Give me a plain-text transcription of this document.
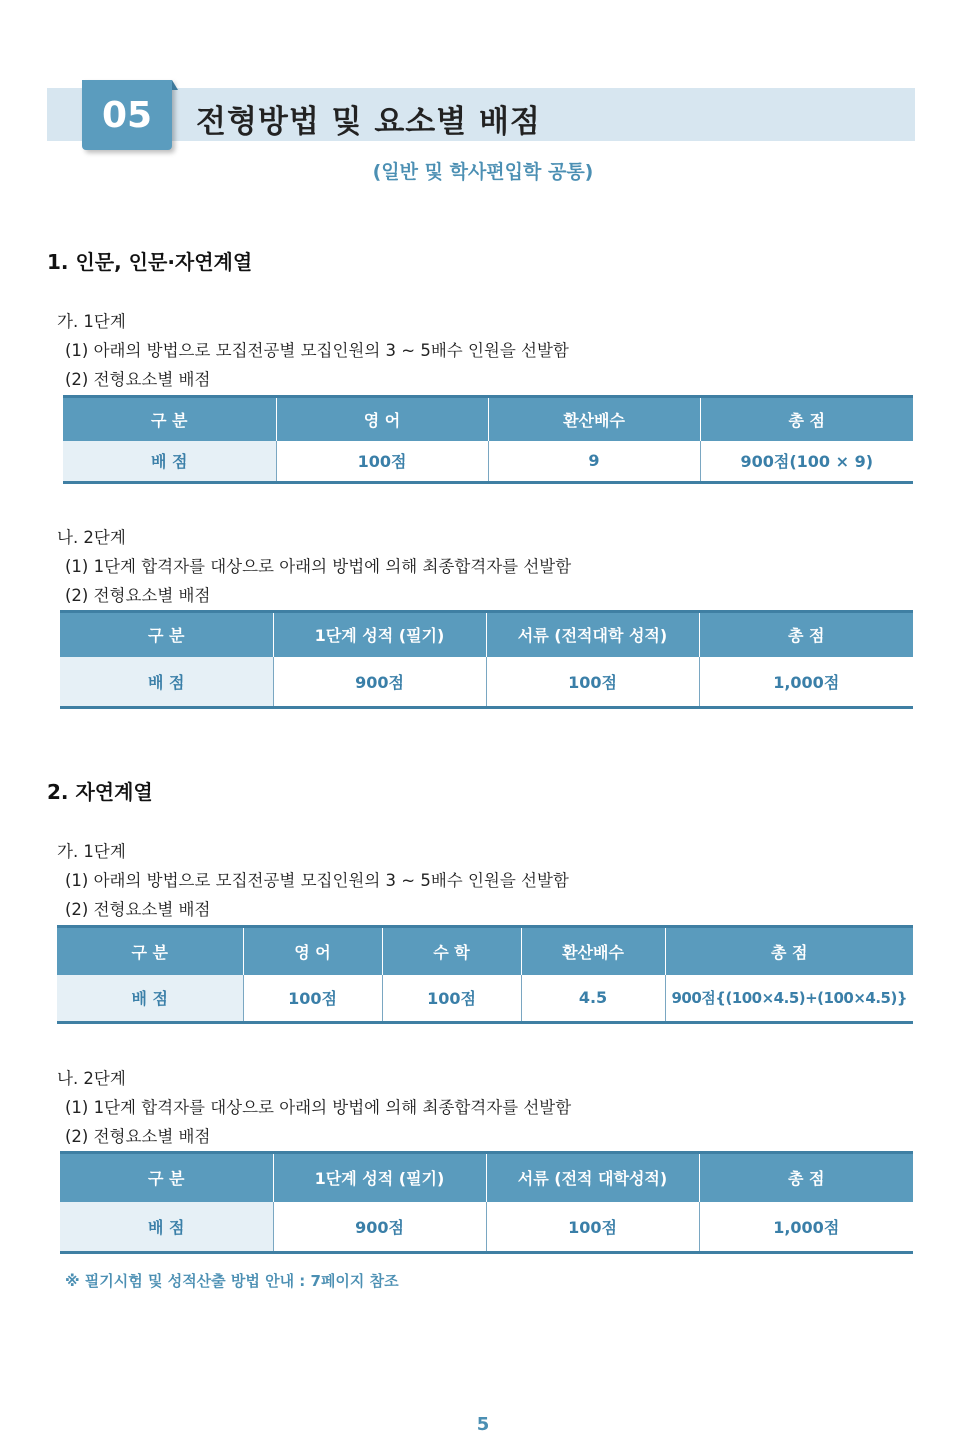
05 전형방법 및 요소별 배점
(일반 및 학사편입학 공통)
1. 인문, 인문·자연계열
가. 1단계
(1) 아래의 방법으로 모집전공별 모집인원의 3 ~ 5배수 인원을 선발함
(2) 전형요소별 배점
구 분	영 어	환산배수	총 점
배 점	100점	9	900점(100 × 9)
나. 2단계
(1) 1단계 합격자를 대상으로 아래의 방법에 의해 최종합격자를 선발함
(2) 전형요소별 배점
구 분	1단계 성적 (필기)	서류 (전적대학 성적)	총 점
배 점	900점	100점	1,000점
2. 자연계열
가. 1단계
(1) 아래의 방법으로 모집전공별 모집인원의 3 ~ 5배수 인원을 선발함
(2) 전형요소별 배점
구 분	영 어	수 학	환산배수	총 점
배 점	100점	100점	4.5	900점{(100×4.5)+(100×4.5)}
나. 2단계
(1) 1단계 합격자를 대상으로 아래의 방법에 의해 최종합격자를 선발함
(2) 전형요소별 배점
구 분	1단계 성적 (필기)	서류 (전적 대학성적)	총 점
배 점	900점	100점	1,000점
※ 필기시험 및 성적산출 방법 안내 : 7페이지 참조
5
